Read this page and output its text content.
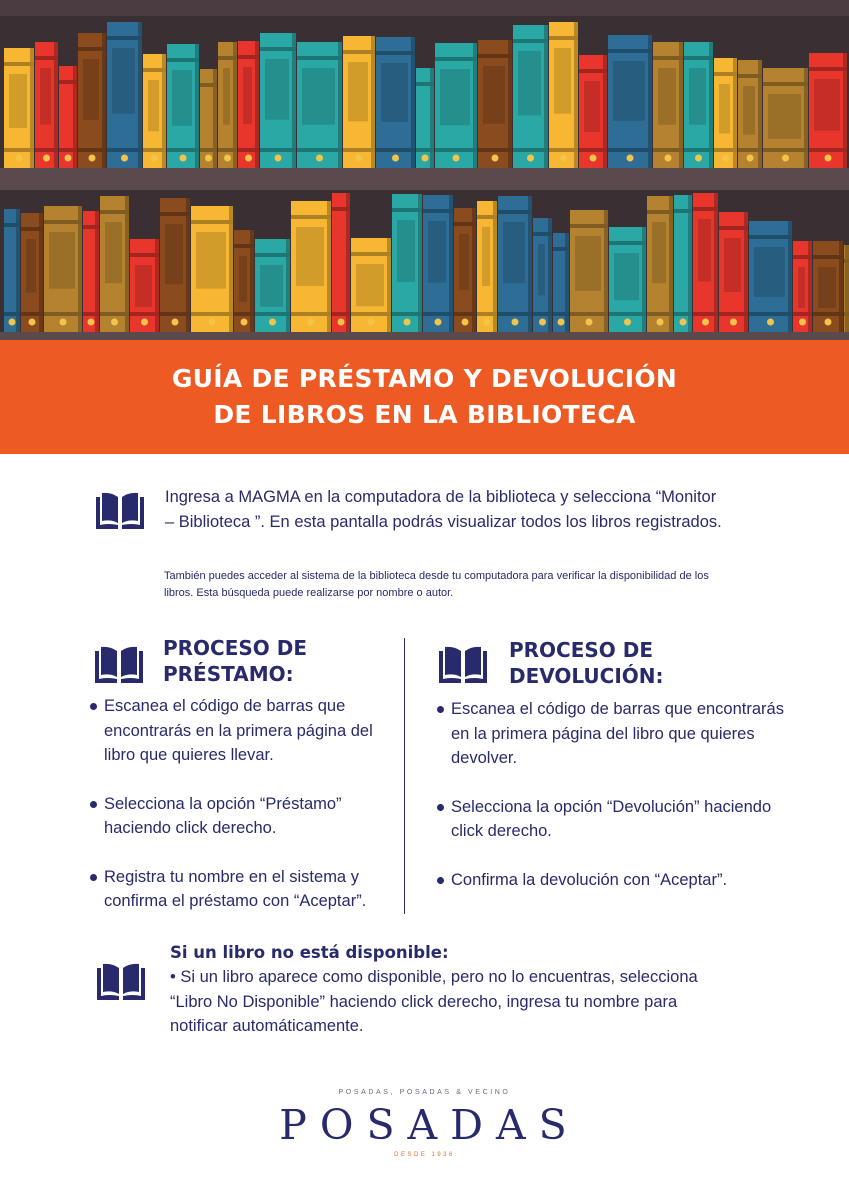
GUÍA DE PRÉSTAMO Y DEVOLUCIÓN
DE LIBROS EN LA BIBLIOTECA
Ingresa a MAGMA en la computadora de la biblioteca y selecciona “Monitor – Biblioteca ”. En esta pantalla podrás visualizar todos los libros registrados.
También puedes acceder al sistema de la biblioteca desde tu computadora para verificar la disponibilidad de los libros. Esta búsqueda puede realizarse por nombre o autor.
PROCESO DE
PRÉSTAMO:
Escanea el código de barras que encontrarás en la primera página del libro que quieres llevar.
Selecciona la opción “Préstamo” haciendo click derecho.
Registra tu nombre en el sistema y confirma el préstamo con “Aceptar”.
PROCESO DE
DEVOLUCIÓN:
Escanea el código de barras que encontrarás en la primera página del libro que quieres devolver.
Selecciona la opción “Devolución” haciendo click derecho.
Confirma la devolución con “Aceptar”.
Si un libro no está disponible:
• Si un libro aparece como disponible, pero no lo encuentras, selecciona “Libro No Disponible” haciendo click derecho, ingresa tu nombre para notificar automáticamente.
POSADAS, POSADAS & VECINO
POSADAS
DESDE 1936
